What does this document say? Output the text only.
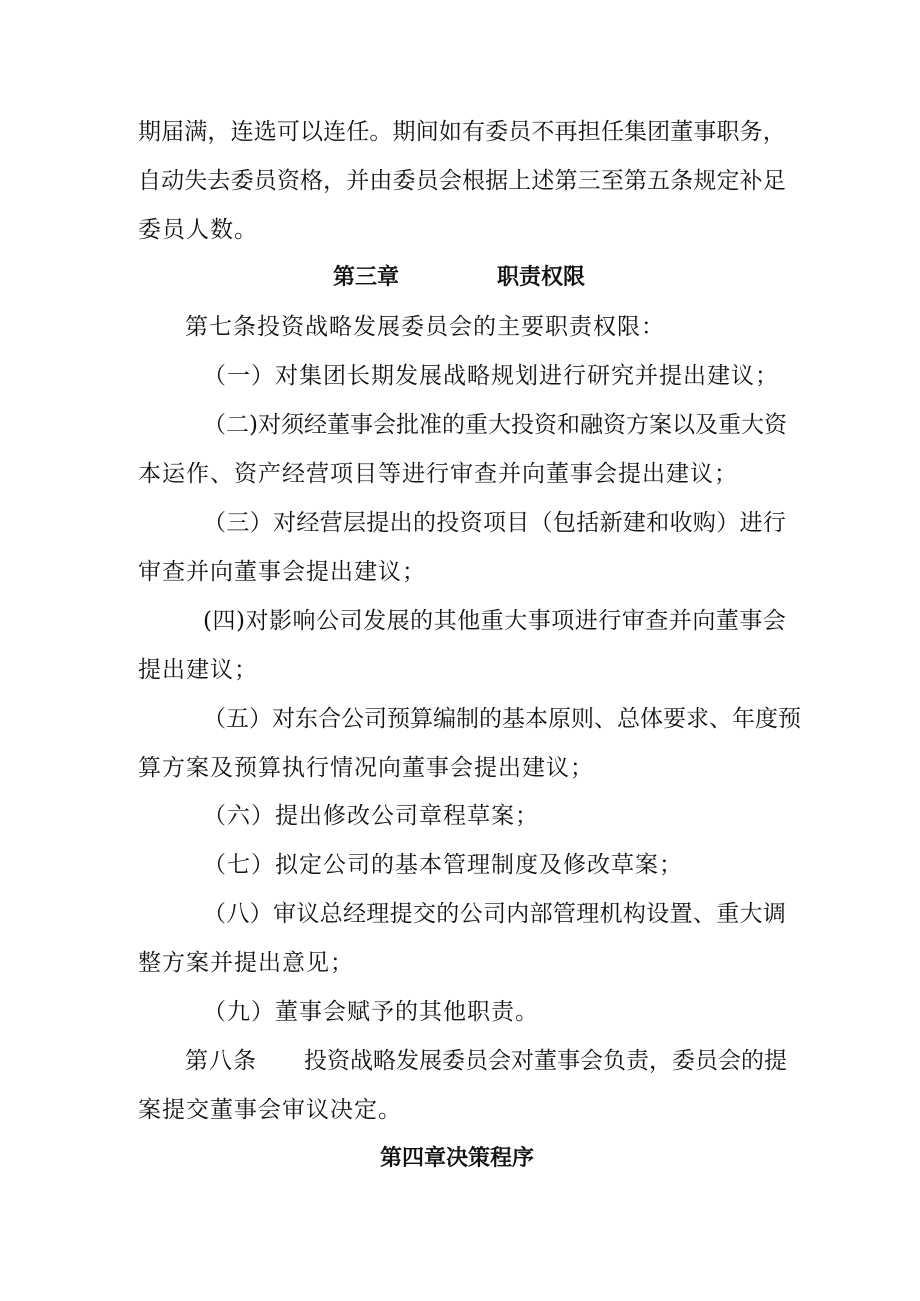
期 届 满 ， 连 选 可 以 连 任 。 期 间 如 有 委 员 不 再 担 任 集 团 董 事 职 务 ，
自 动 失 去 委 员 资 格 ， 并 由 委 员 会 根 据 上 述 第 三 至 第 五 条 规 定 补 足
委员人数。
第三章	职责权限
第七条投资战略发展委员会的主要职责权限：
（一）对集团长期发展战略规划进行研究并提出建议；
（ 二 ) 对 须 经 董 事 会 批 准 的 重 大 投 资 和 融 资 方 案 以 及 重 大 资
本运作、资产经营项目等进行审查并向董事会提出建议；
（ 三 ） 对 经 营 层 提 出 的 投 资 项 目 （ 包 括 新 建 和 收 购 ） 进 行
审查并向董事会提出建议；
( 四 ) 对 影 响 公 司 发 展 的 其 他 重 大 事 项 进 行 审 查 并 向 董 事 会
提出建议；
（ 五 ） 对 东 合 公 司 预 算 编 制 的 基 本 原 则 、 总 体 要 求 、 年 度 预
算方案及预算执行情况向董事会提出建议；
（六）提出修改公司章程草案；
（七）拟定公司的基本管理制度及修改草案；
（ 八 ） 审 议 总 经 理 提 交 的 公 司 内 部 管 理 机 构 设 置 、 重 大 调
整方案并提出意见；
（九）董事会赋予的其他职责。
第八条 投 资 战 略 发 展 委 员 会 对 董 事 会 负 责 ， 委 员 会 的 提
案提交董事会审议决定。
第四章决策程序
